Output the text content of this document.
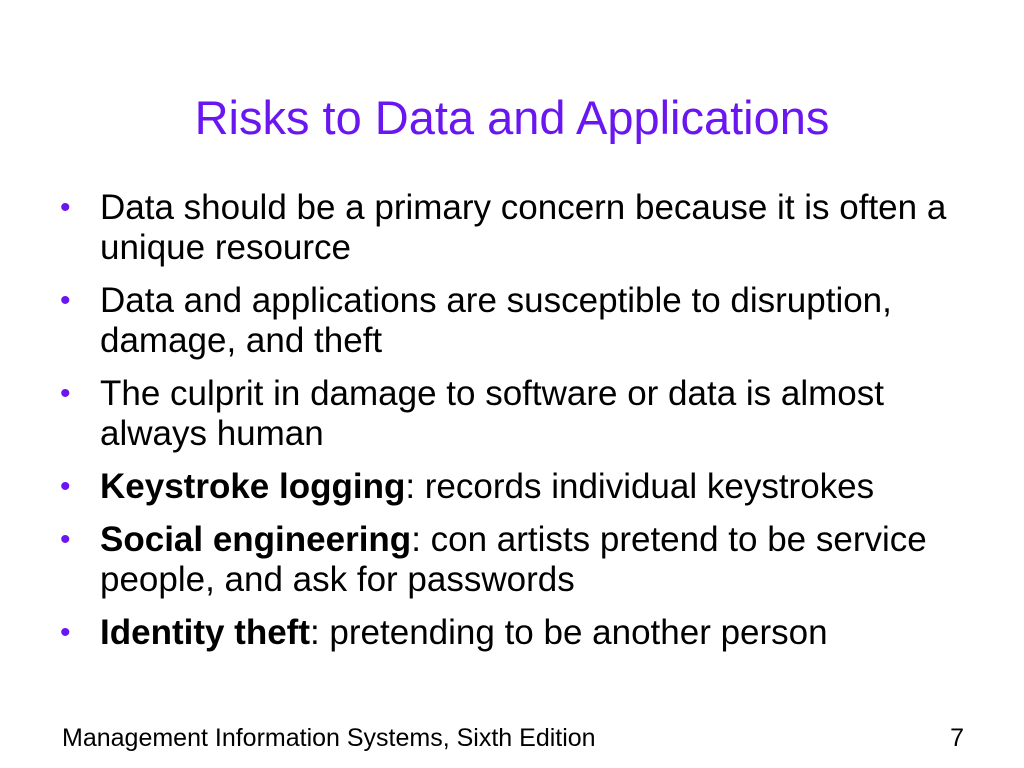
Risks to Data and Applications
• Data should be a primary concern because it is often a unique resource
• Data and applications are susceptible to disruption, damage, and theft
• The culprit in damage to software or data is almost always human
• Keystroke logging: records individual keystrokes
• Social engineering: con artists pretend to be service people, and ask for passwords
• Identity theft: pretending to be another person
Management Information Systems, Sixth Edition	7
